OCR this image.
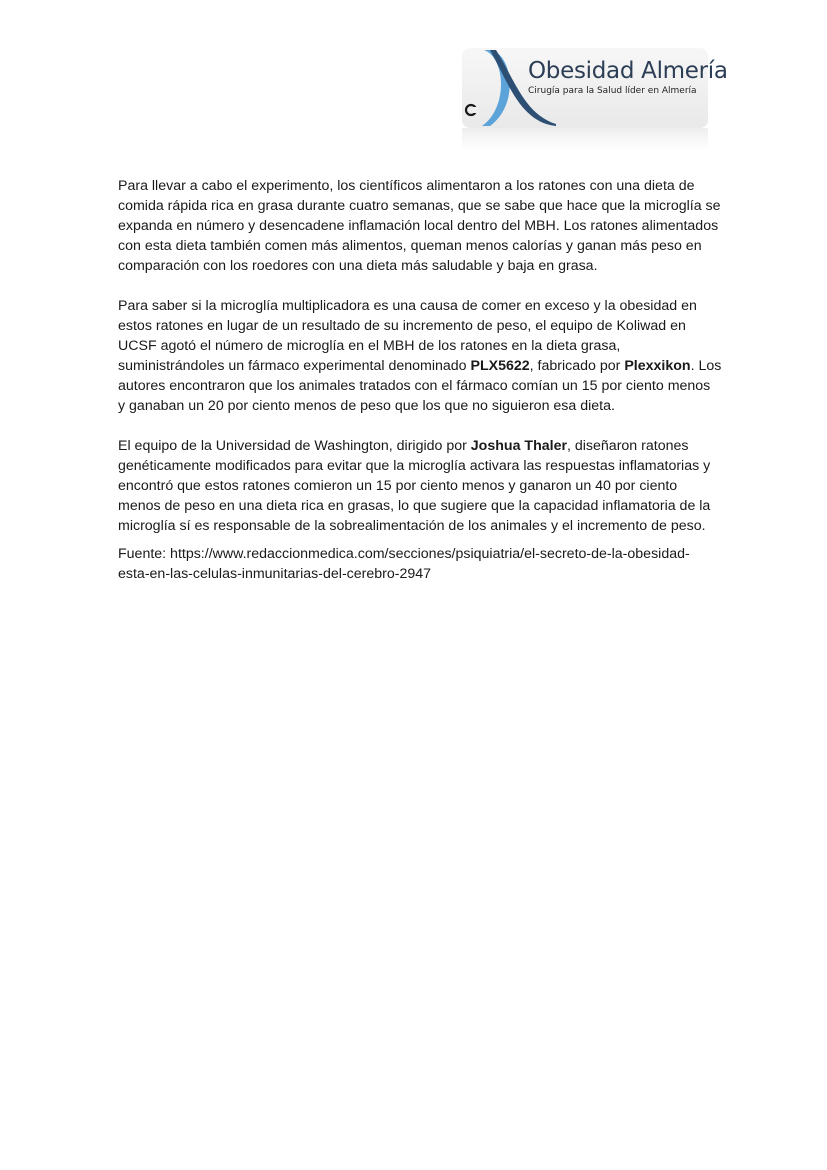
Obesidad Almería
Cirugía para la Salud líder en Almería

Para llevar a cabo el experimento, los científicos alimentaron a los ratones con una dieta de
comida rápida rica en grasa durante cuatro semanas, que se sabe que hace que la microglía se
expanda en número y desencadene inflamación local dentro del MBH. Los ratones alimentados
con esta dieta también comen más alimentos, queman menos calorías y ganan más peso en
comparación con los roedores con una dieta más saludable y baja en grasa.

Para saber si la microglía multiplicadora es una causa de comer en exceso y la obesidad en
estos ratones en lugar de un resultado de su incremento de peso, el equipo de Koliwad en
UCSF agotó el número de microglía en el MBH de los ratones en la dieta grasa,
suministrándoles un fármaco experimental denominado PLX5622, fabricado por Plexxikon. Los
autores encontraron que los animales tratados con el fármaco comían un 15 por ciento menos
y ganaban un 20 por ciento menos de peso que los que no siguieron esa dieta.

El equipo de la Universidad de Washington, dirigido por Joshua Thaler, diseñaron ratones
genéticamente modificados para evitar que la microglía activara las respuestas inflamatorias y
encontró que estos ratones comieron un 15 por ciento menos y ganaron un 40 por ciento
menos de peso en una dieta rica en grasas, lo que sugiere que la capacidad inflamatoria de la
microglía sí es responsable de la sobrealimentación de los animales y el incremento de peso.

Fuente: https://www.redaccionmedica.com/secciones/psiquiatria/el-secreto-de-la-obesidad-
esta-en-las-celulas-inmunitarias-del-cerebro-2947
